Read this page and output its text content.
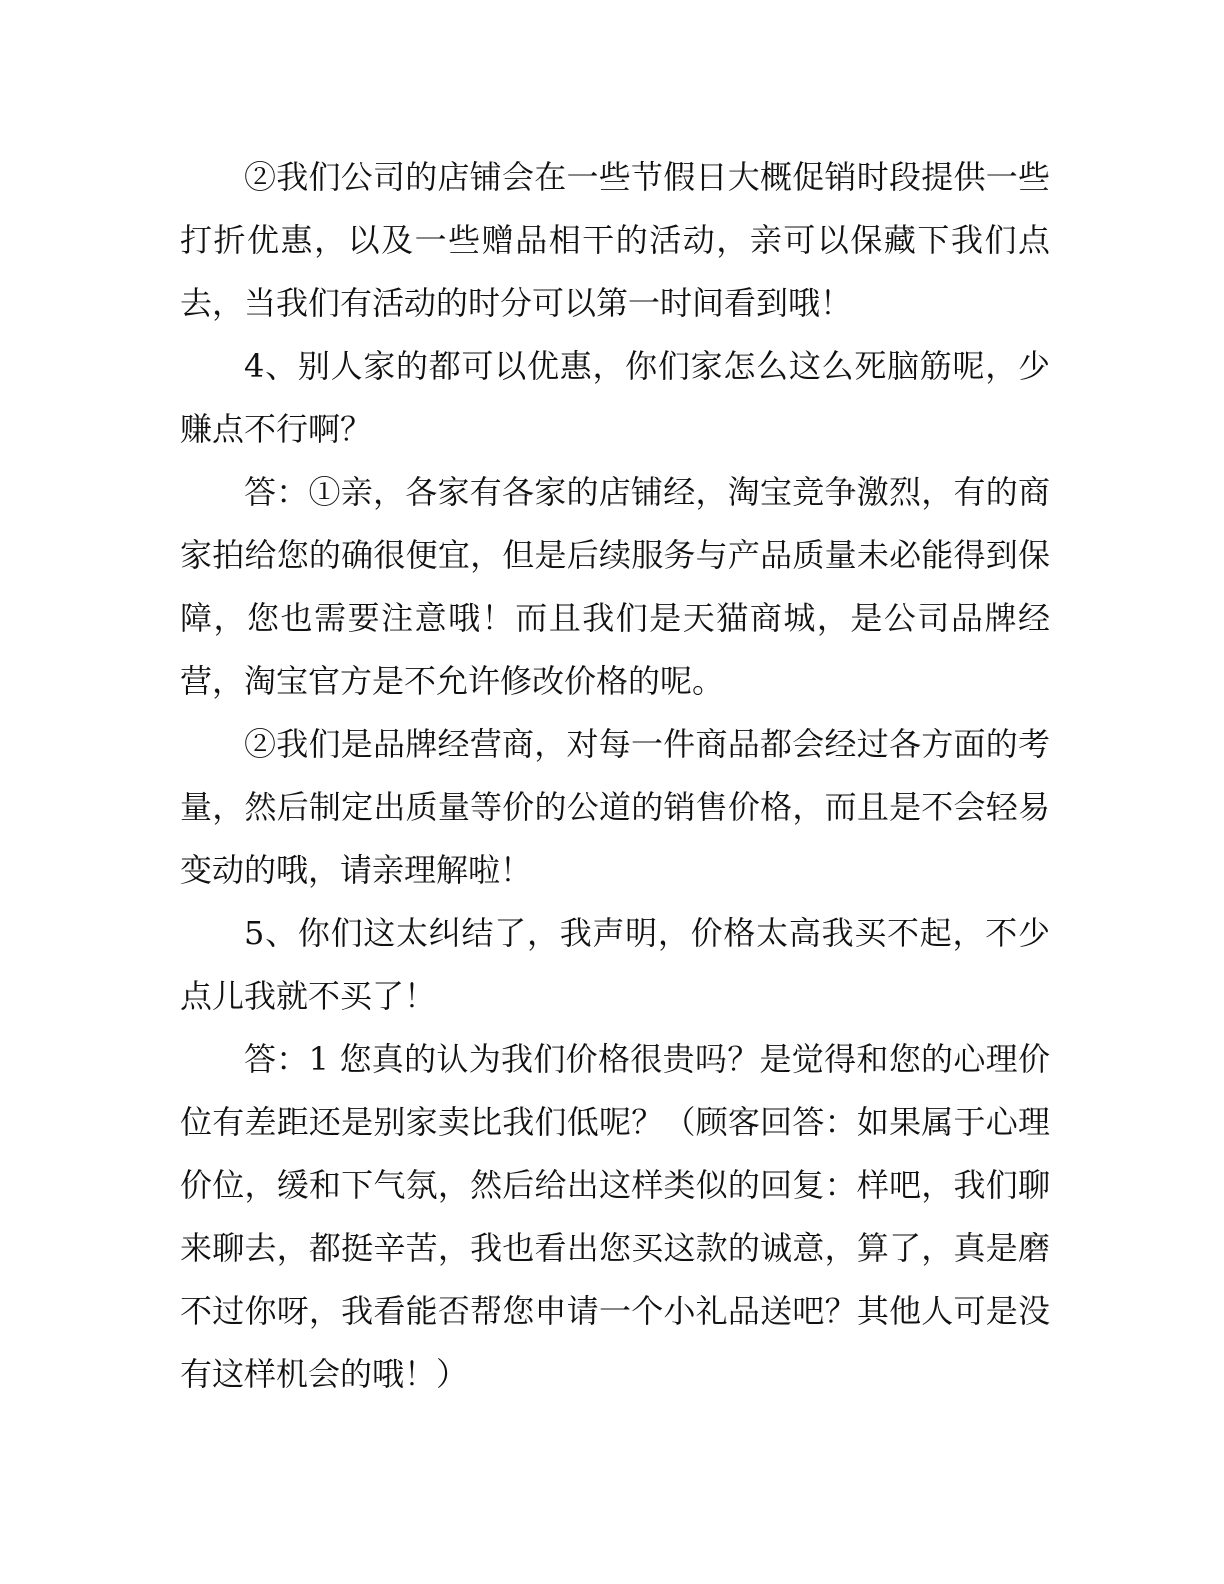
②我们公司的店铺会在一些节假日大概促销时段提供一些打折优惠，以及一些赠品相干的活动，亲可以保藏下我们点去，当我们有活动的时分可以第一时间看到哦！

4、别人家的都可以优惠，你们家怎么这么死脑筋呢，少赚点不行啊？

答：①亲，各家有各家的店铺经，淘宝竞争激烈，有的商家拍给您的确很便宜，但是后续服务与产品质量未必能得到保障，您也需要注意哦！而且我们是天猫商城，是公司品牌经营，淘宝官方是不允许修改价格的呢。

②我们是品牌经营商，对每一件商品都会经过各方面的考量，然后制定出质量等价的公道的销售价格，而且是不会轻易变动的哦，请亲理解啦！

5、你们这太纠结了，我声明，价格太高我买不起，不少点儿我就不买了！

答：1 您真的认为我们价格很贵吗？是觉得和您的心理价位有差距还是别家卖比我们低呢？（顾客回答：如果属于心理价位，缓和下气氛，然后给出这样类似的回复：样吧，我们聊来聊去，都挺辛苦，我也看出您买这款的诚意，算了，真是磨不过你呀，我看能否帮您申请一个小礼品送吧？其他人可是没有这样机会的哦！）
